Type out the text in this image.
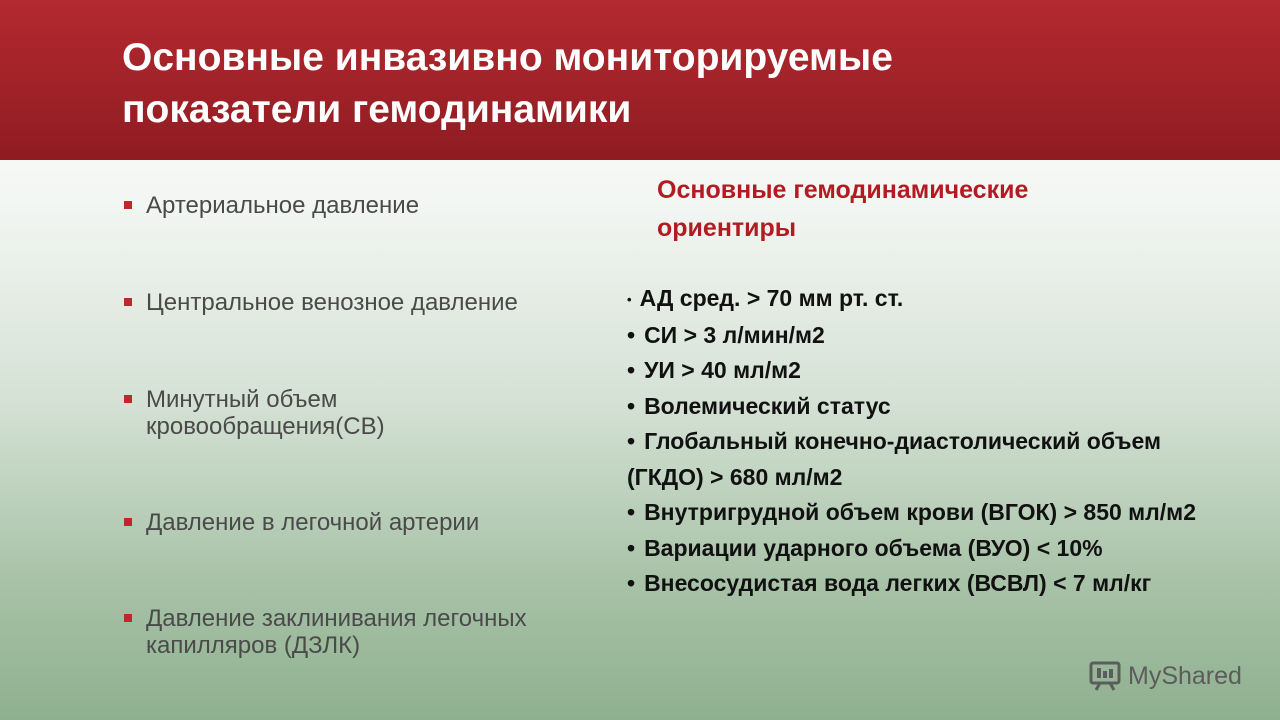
Основные инвазивно мониторируемые
показатели гемодинамики
Артериальное давление
Центральное венозное давление
Минутный объем кровообращения(СВ)
Давление в легочной артерии
Давление заклинивания легочных капилляров (ДЗЛК)
Основные гемодинамические
ориентиры
• АД сред. > 70 мм рт. ст.
• СИ > 3 л/мин/м2
• УИ > 40 мл/м2
• Волемический статус
• Глобальный конечно-диастолический объем (ГКДО) > 680 мл/м2
• Внутригрудной объем крови (ВГОК) > 850 мл/м2
• Вариации ударного объема (ВУО) < 10%
• Внесосудистая вода легких (ВСВЛ) < 7 мл/кг
MyShared
